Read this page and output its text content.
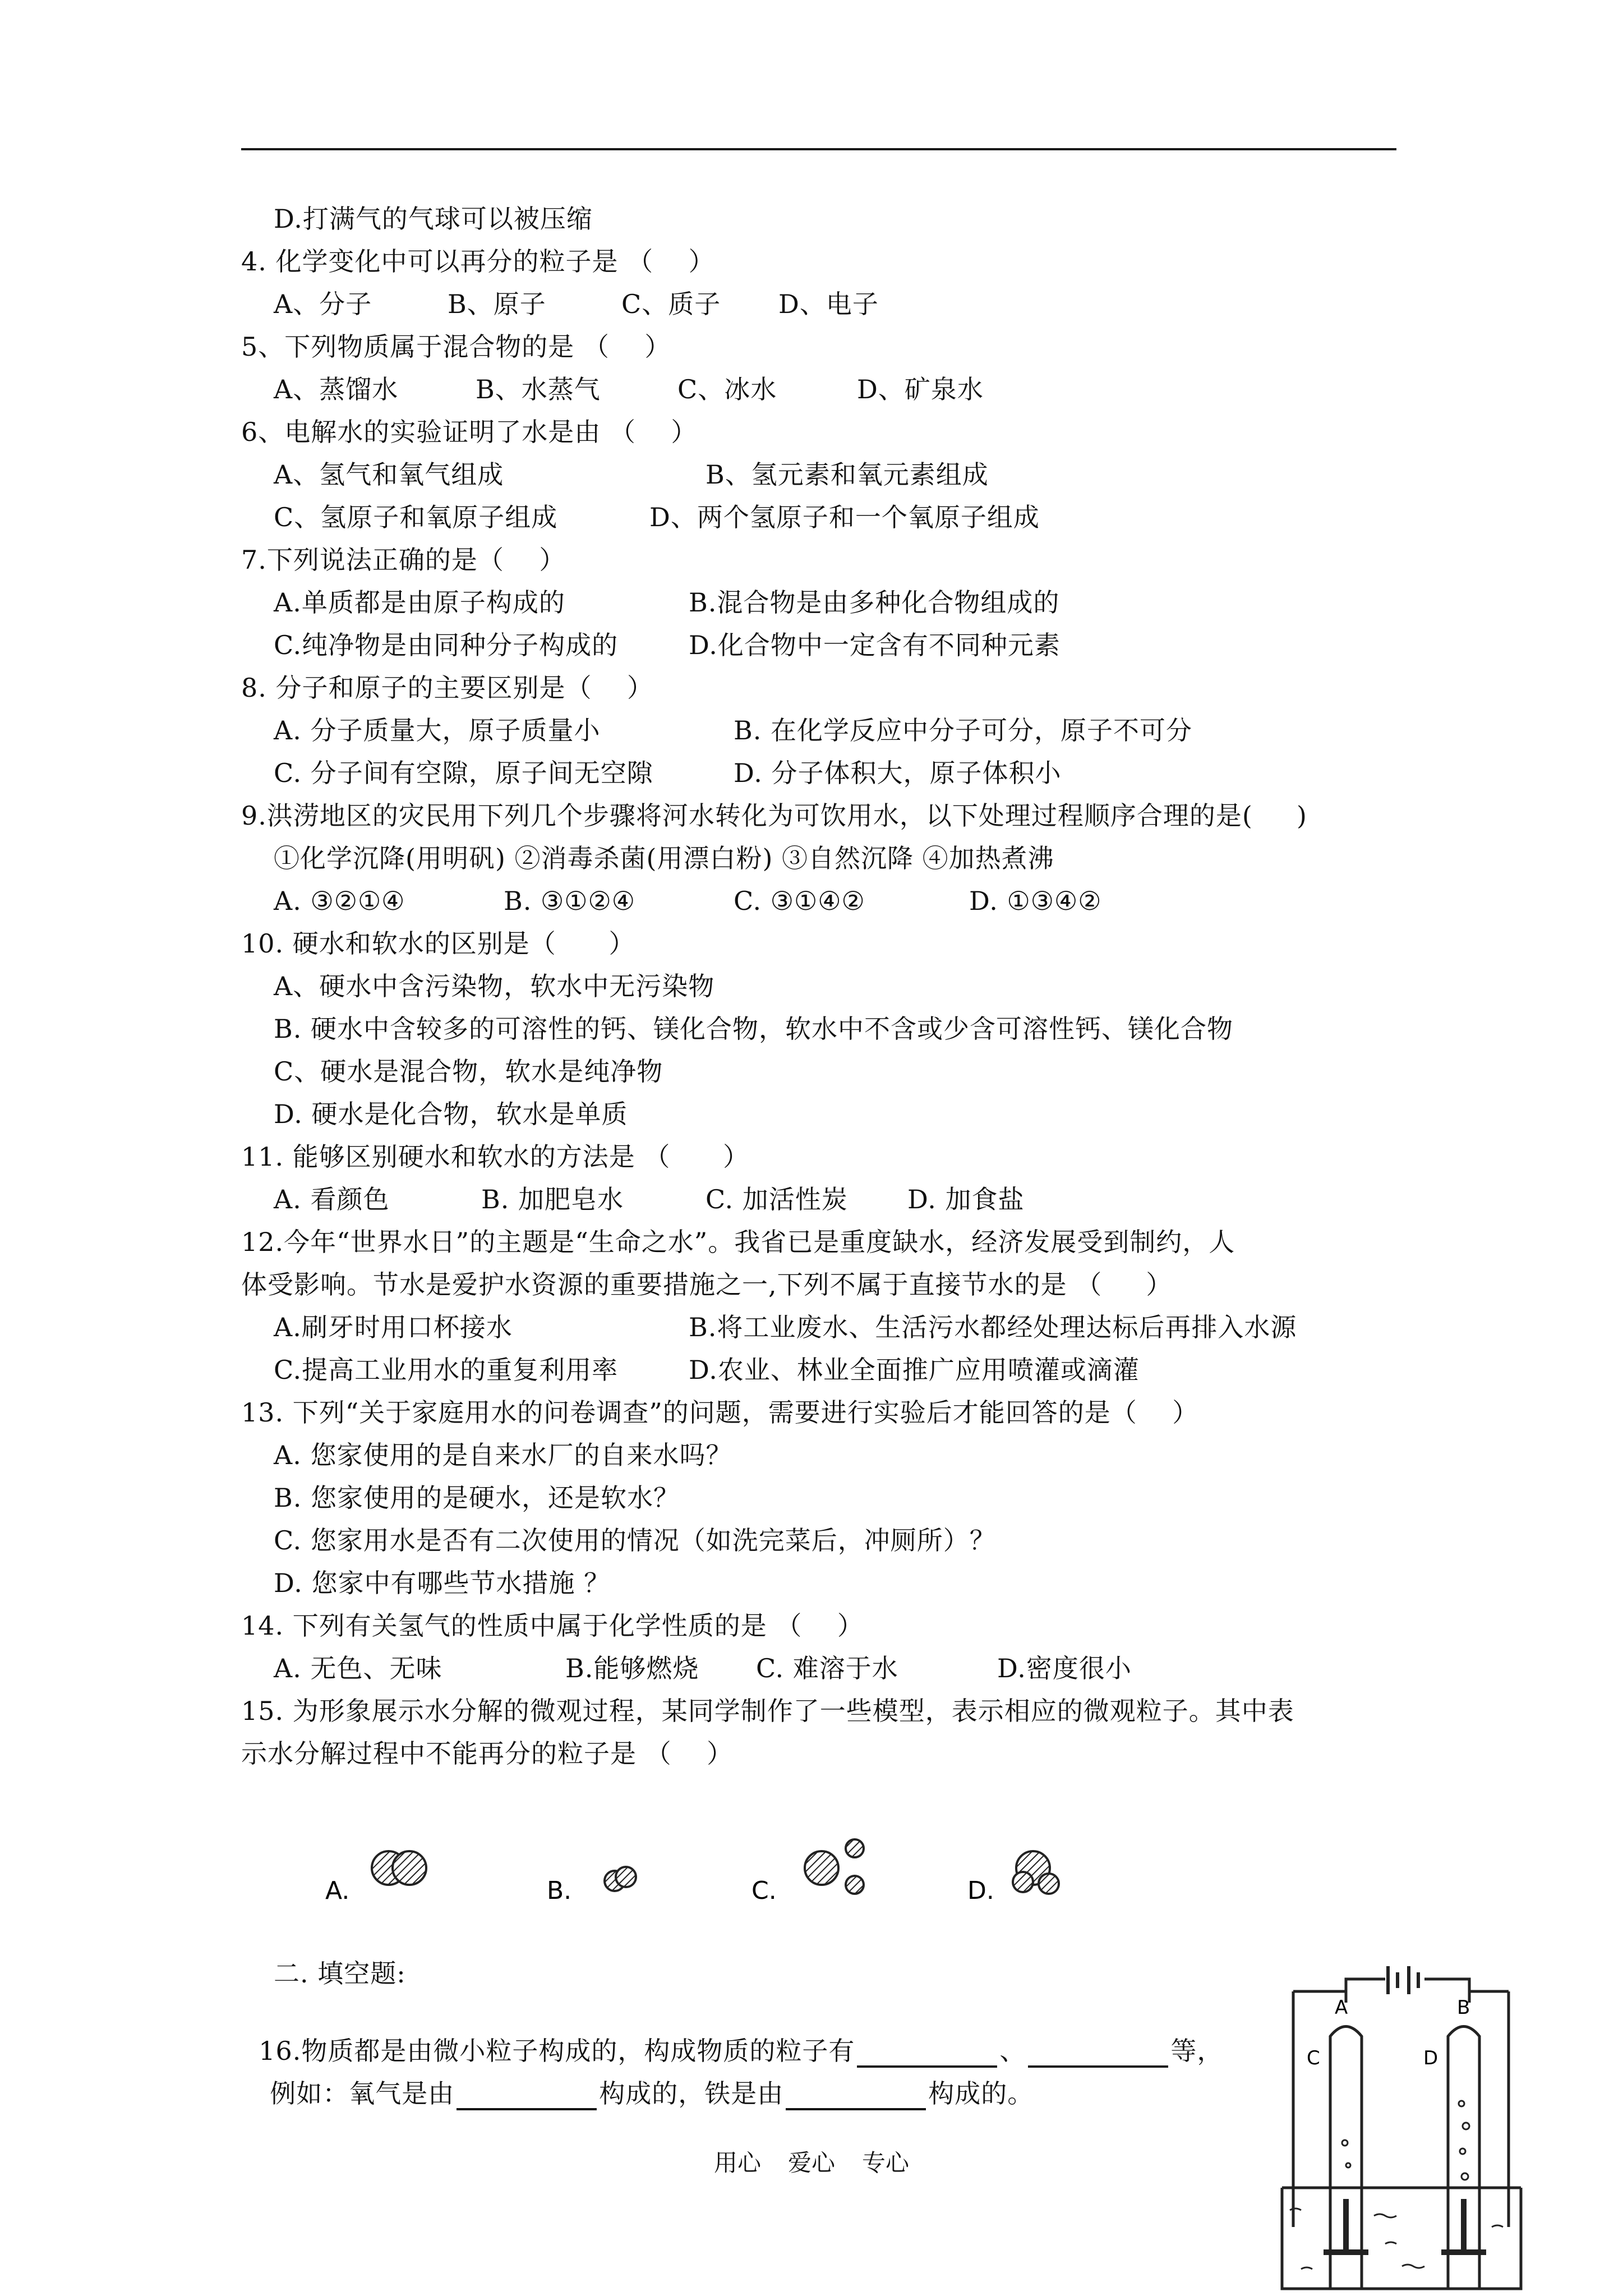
D.打满气的气球可以被压缩
4. 化学变化中可以再分的粒子是 （    ）
A、分子	B、原子	C、质子 D、电子
5、下列物质属于混合物的是 （    ）
A、蒸馏水	B、水蒸气	C、冰水	D、矿泉水
6、电解水的实验证明了水是由 （    ）
A、氢气和氧气组成	B、氢元素和氧元素组成
C、氢原子和氧原子组成	D、两个氢原子和一个氧原子组成
7.下列说法正确的是（    ）
A.单质都是由原子构成的	B.混合物是由多种化合物组成的
C.纯净物是由同种分子构成的	D.化合物中一定含有不同种元素
8. 分子和原子的主要区别是（    ）
A. 分子质量大，原子质量小	B. 在化学反应中分子可分，原子不可分
C. 分子间有空隙，原子间无空隙	D. 分子体积大，原子体积小
9.洪涝地区的灾民用下列几个步骤将河水转化为可饮用水，以下处理过程顺序合理的是(     )
①化学沉降(用明矾) ②消毒杀菌(用漂白粉) ③自然沉降 ④加热煮沸
A. ③②①④	B. ③①②④	C. ③①④②	D. ①③④②
10. 硬水和软水的区别是（      ）
A、硬水中含污染物，软水中无污染物
B. 硬水中含较多的可溶性的钙、镁化合物，软水中不含或少含可溶性钙、镁化合物
C、硬水是混合物，软水是纯净物
D. 硬水是化合物，软水是单质
11. 能够区别硬水和软水的方法是 （      ）
A. 看颜色	B. 加肥皂水	C. 加活性炭 D. 加食盐
12.今年“世界水日”的主题是“生命之水”。我省已是重度缺水，经济发展受到制约，人
体受影响。节水是爱护水资源的重要措施之一,下列不属于直接节水的是 （     ）
A.刷牙时用口杯接水	B.将工业废水、生活污水都经处理达标后再排入水源
C.提高工业用水的重复利用率	D.农业、林业全面推广应用喷灌或滴灌
13. 下列“关于家庭用水的问卷调查”的问题，需要进行实验后才能回答的是（    ）
A. 您家使用的是自来水厂的自来水吗？
B. 您家使用的是硬水，还是软水？
C. 您家用水是否有二次使用的情况（如洗完菜后，冲厕所）？
D. 您家中有哪些节水措施 ？
14. 下列有关氢气的性质中属于化学性质的是 （    ）
A. 无色、无味	B.能够燃烧 C. 难溶于水	D.密度很小
15. 为形象展示水分解的微观过程，某同学制作了一些模型，表示相应的微观粒子。其中表
示水分解过程中不能再分的粒子是 （    ）
A.	B.	C.	D.
二. 填空题:

16.物质都是由微小粒子构成的，构成物质的粒子有	、	等，

例如：氧气是由	构成的，铁是由	构成的。

A	B
C	D
用心 爱心 专心
